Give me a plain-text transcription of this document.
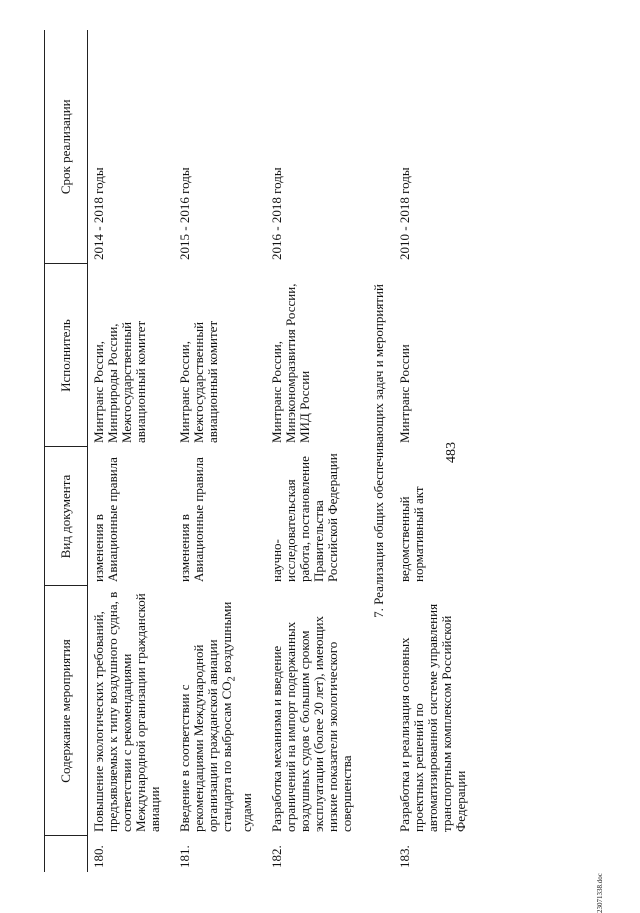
483
	Содержание мероприятия	Вид документа	Исполнитель	Срок реализации
180.	Повышение экологических требований, предъявляемых к типу воздушного судна, в соответствии с рекомендациями Международной организации гражданской авиации	изменения в Авиационные правила	Минтранс России, Минприроды России, Межгосударственный авиационный комитет	2014 - 2018 годы
181.	Введение в соответствии с рекомендациями Международной организации гражданской авиации стандарта по выбросам $CO_2$ воздушными судами	изменения в Авиационные правила	Минтранс России, Межгосударственный авиационный комитет	2015 - 2016 годы
182.	Разработка механизма и введение ограничений на импорт подержанных воздушных судов с большим сроком эксплуатации (более 20 лет), имеющих низкие показатели экологического совершенства	научно-исследовательская работа, постановление Правительства Российской Федерации	Минтранс России, Минэкономразвития России, МИД России	2016 - 2018 годы
7. Реализация общих обеспечивающих задач и мероприятий				
183.	Разработка и реализация основных проектных решений по автоматизированной системе управления транспортным комплексом Российской Федерации	ведомственный нормативный акт	Минтранс России	2010 - 2018 годы
23071338.doc
